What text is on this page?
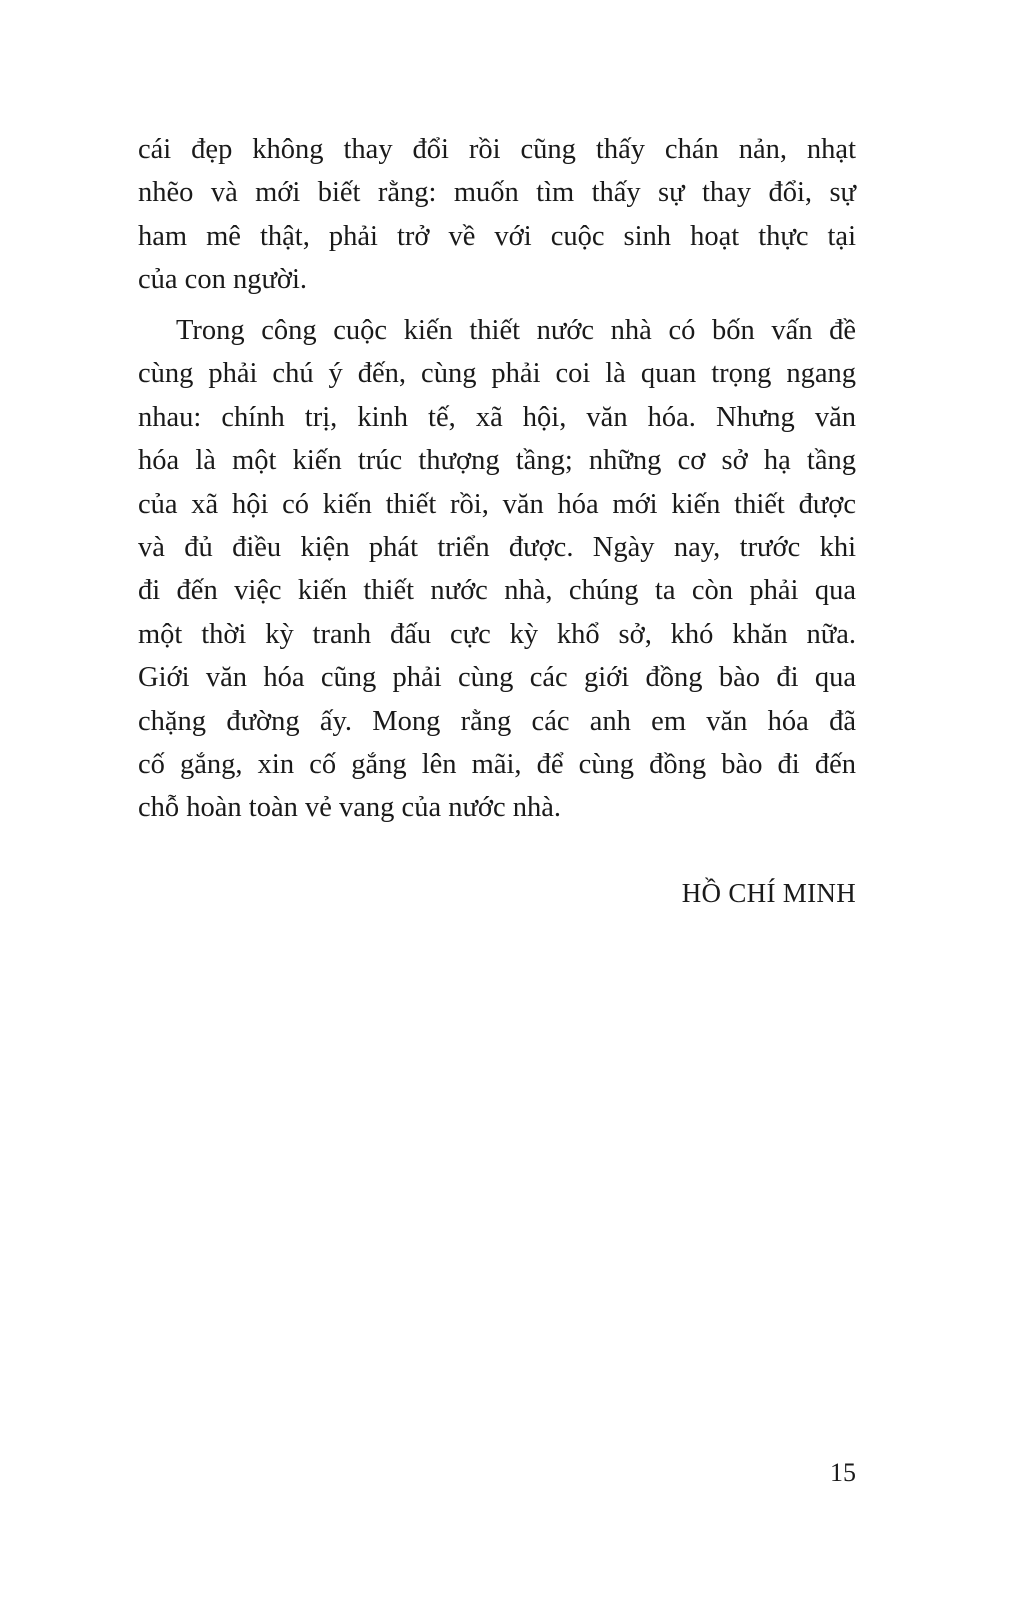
cái đẹp không thay đổi rồi cũng thấy chán nản, nhạt
nhẽo và mới biết rằng: muốn tìm thấy sự thay đổi, sự
ham mê thật, phải trở về với cuộc sinh hoạt thực tại
của con người.
Trong công cuộc kiến thiết nước nhà có bốn vấn đề
cùng phải chú ý đến, cùng phải coi là quan trọng ngang
nhau: chính trị, kinh tế, xã hội, văn hóa. Nhưng văn
hóa là một kiến trúc thượng tầng; những cơ sở hạ tầng
của xã hội có kiến thiết rồi, văn hóa mới kiến thiết được
và đủ điều kiện phát triển được. Ngày nay, trước khi
đi đến việc kiến thiết nước nhà, chúng ta còn phải qua
một thời kỳ tranh đấu cực kỳ khổ sở, khó khăn nữa.
Giới văn hóa cũng phải cùng các giới đồng bào đi qua
chặng đường ấy. Mong rằng các anh em văn hóa đã
cố gắng, xin cố gắng lên mãi, để cùng đồng bào đi đến
chỗ hoàn toàn vẻ vang của nước nhà.
HỒ CHÍ MINH
15
